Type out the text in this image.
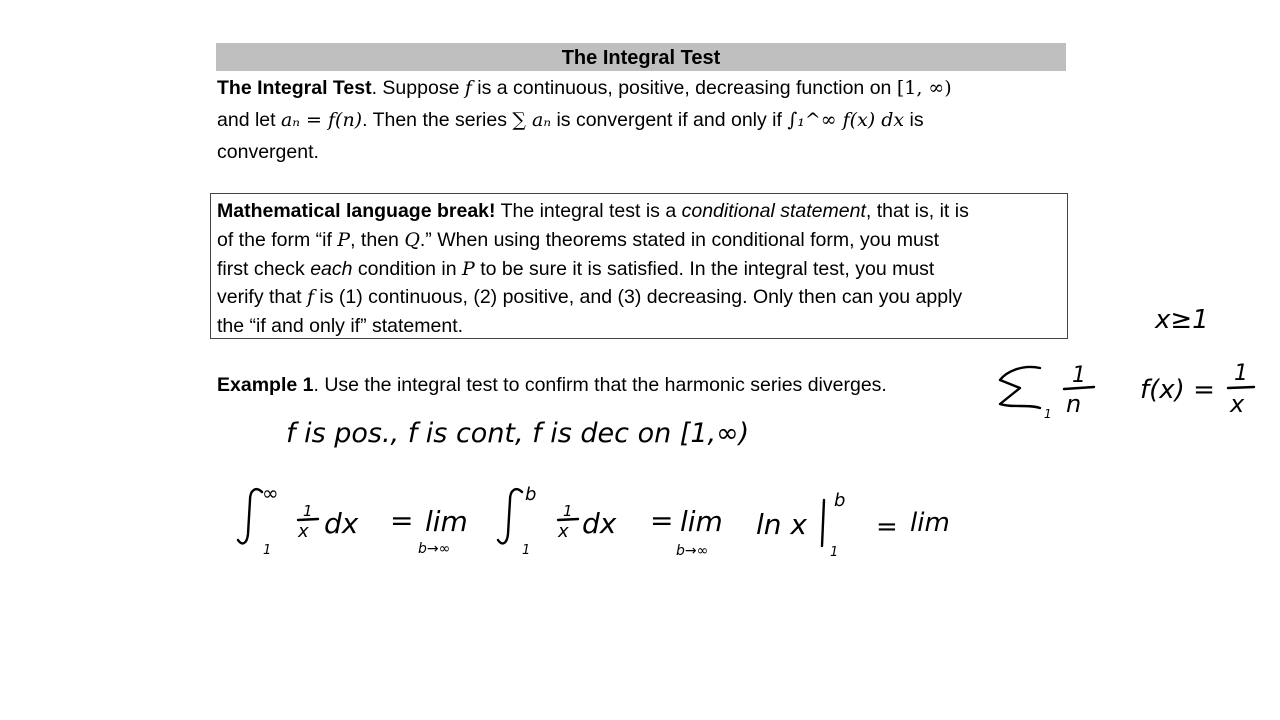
The Integral Test
The Integral Test. Suppose f is a continuous, positive, decreasing function on [1, ∞)
and let aₙ = f(n). Then the series ∑ aₙ is convergent if and only if ∫₁^∞ f(x) dx is
convergent.
Mathematical language break! The integral test is a conditional statement, that is, it is
of the form “if P, then Q.” When using theorems stated in conditional form, you must
first check each condition in P to be sure it is satisfied. In the integral test, you must
verify that f is (1) continuous, (2) positive, and (3) decreasing. Only then can you apply
the “if and only if” statement.
Example 1. Use the integral test to confirm that the harmonic series diverges.
f is pos., f is cont, f is dec on [1,∞)
x≥1
1
1
n f(x) =
1
x
∞
1
1
x dx = lim
b→∞
b
1
1
x dx = lim
b→∞
ln x
b
1
= lim
